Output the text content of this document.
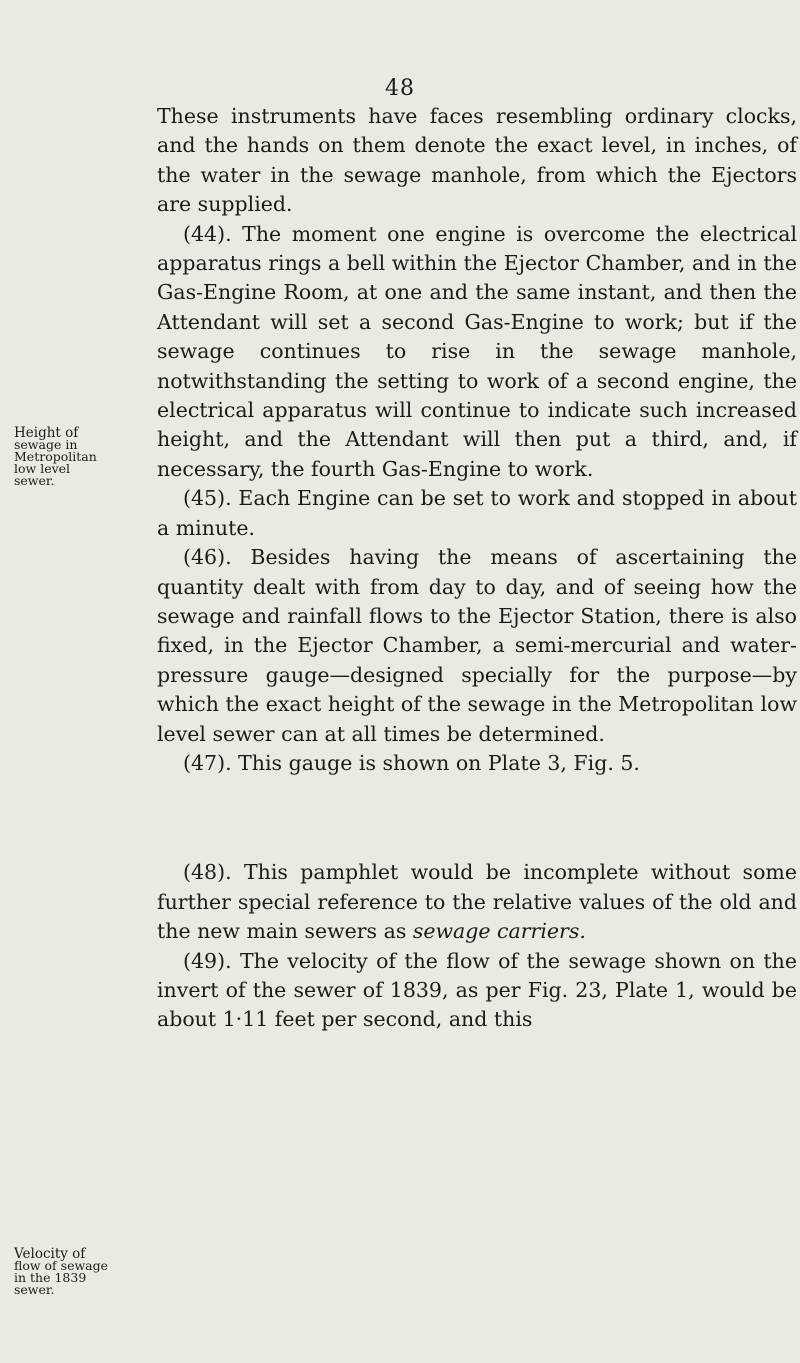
48
Height of
sewage in
Metropolitan
low level
sewer.
Velocity of
flow of sewage
in the 1839
sewer.

These instruments have faces resembling ordinary clocks, and the hands on them denote the exact level, in inches, of the water in the sewage manhole, from which the Ejectors are supplied.

(44). The moment one engine is overcome the electrical apparatus rings a bell within the Ejector Chamber, and in the Gas-Engine Room, at one and the same instant, and then the Attendant will set a second Gas-Engine to work; but if the sewage continues to rise in the sewage manhole, notwithstanding the setting to work of a second engine, the electrical apparatus will continue to indicate such increased height, and the Attendant will then put a third, and, if necessary, the fourth Gas-Engine to work.

(45). Each Engine can be set to work and stopped in about a minute.

(46). Besides having the means of ascertaining the quantity dealt with from day to day, and of seeing how the sewage and rainfall flows to the Ejector Station, there is also fixed, in the Ejector Chamber, a semi-mercurial and water-pressure gauge—designed specially for the purpose—by which the exact height of the sewage in the Metropolitan low level sewer can at all times be determined.

(47). This gauge is shown on Plate 3, Fig. 5.

(48). This pamphlet would be incomplete without some further special reference to the relative values of the old and the new main sewers as sewage carriers.

(49). The velocity of the flow of the sewage shown on the invert of the sewer of 1839, as per Fig. 23, Plate 1, would be about 1·11 feet per second, and this
